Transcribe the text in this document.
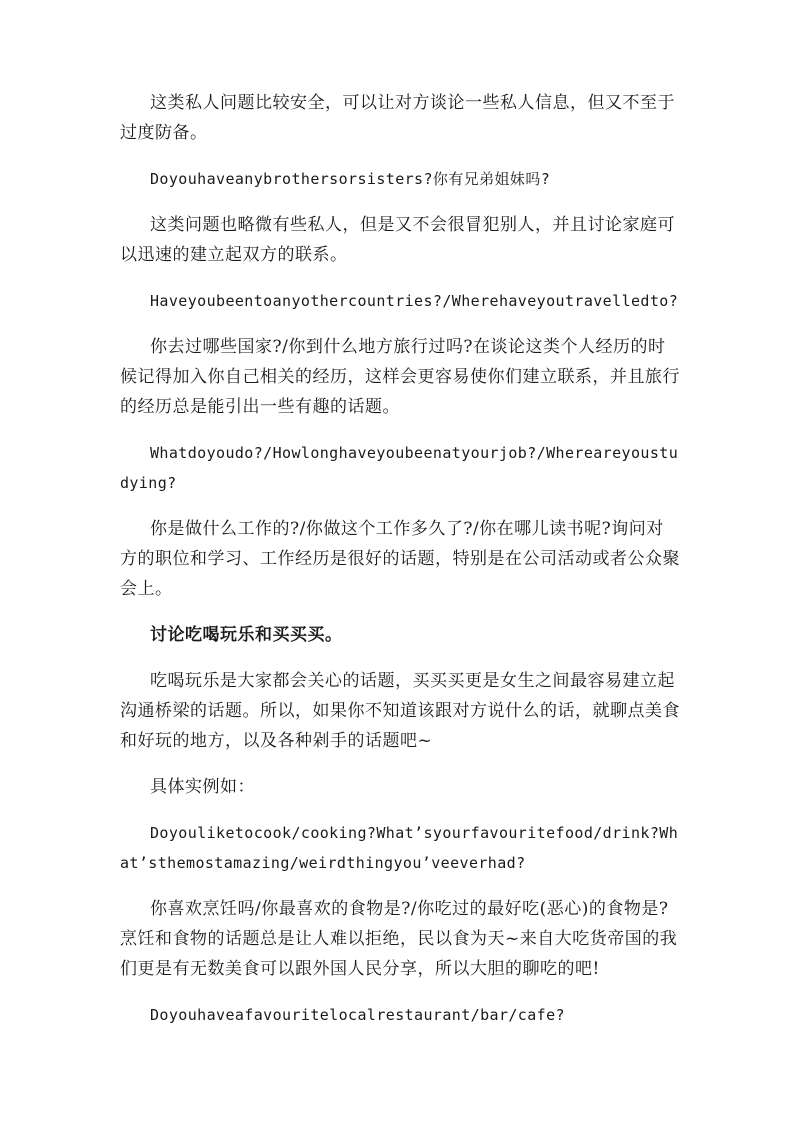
这类私人问题比较安全，可以让对方谈论一些私人信息，但又不至于过度防备。

Doyouhaveanybrothersorsisters?你有兄弟姐妹吗?

这类问题也略微有些私人，但是又不会很冒犯别人，并且讨论家庭可以迅速的建立起双方的联系。

Haveyoubeentoanyothercountries?/Wherehaveyoutravelledto?

你去过哪些国家?/你到什么地方旅行过吗?在谈论这类个人经历的时候记得加入你自己相关的经历，这样会更容易使你们建立联系，并且旅行的经历总是能引出一些有趣的话题。

Whatdoyoudo?/Howlonghaveyoubeenatyourjob?/Whereareyoustudying?

你是做什么工作的?/你做这个工作多久了?/你在哪儿读书呢?询问对方的职位和学习、工作经历是很好的话题，特别是在公司活动或者公众聚会上。

讨论吃喝玩乐和买买买。

吃喝玩乐是大家都会关心的话题，买买买更是女生之间最容易建立起沟通桥梁的话题。所以，如果你不知道该跟对方说什么的话，就聊点美食和好玩的地方，以及各种剁手的话题吧~

具体实例如：

Doyouliketocook/cooking?What’syourfavouritefood/drink?What’sthemostamazing/weirdthingyou’veeverhad?

你喜欢烹饪吗/你最喜欢的食物是?/你吃过的最好吃(恶心)的食物是?烹饪和食物的话题总是让人难以拒绝，民以食为天~来自大吃货帝国的我们更是有无数美食可以跟外国人民分享，所以大胆的聊吃的吧!

Doyouhaveafavouritelocalrestaurant/bar/cafe?
